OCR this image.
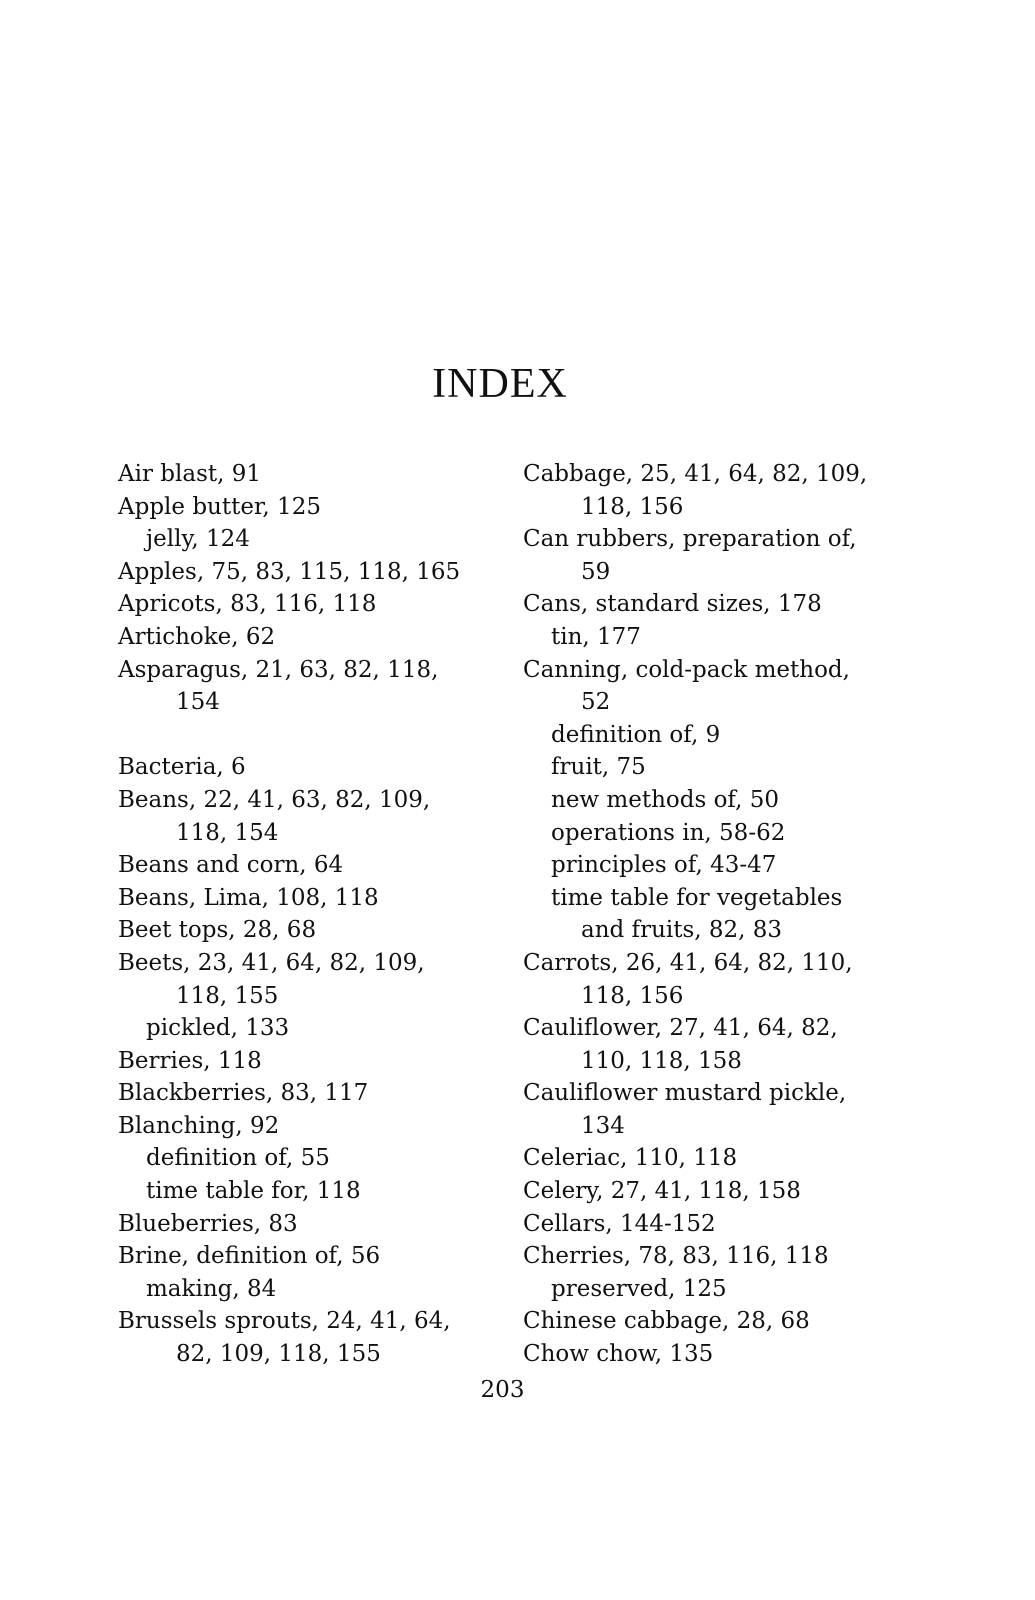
INDEX
Air blast, 91
Apple butter, 125
jelly, 124
Apples, 75, 83, 115, 118, 165
Apricots, 83, 116, 118
Artichoke, 62
Asparagus, 21, 63, 82, 118,
154
Bacteria, 6
Beans, 22, 41, 63, 82, 109,
118, 154
Beans and corn, 64
Beans, Lima, 108, 118
Beet tops, 28, 68
Beets, 23, 41, 64, 82, 109,
118, 155
pickled, 133
Berries, 118
Blackberries, 83, 117
Blanching, 92
definition of, 55
time table for, 118
Blueberries, 83
Brine, definition of, 56
making, 84
Brussels sprouts, 24, 41, 64,
82, 109, 118, 155
Cabbage, 25, 41, 64, 82, 109,
118, 156
Can rubbers, preparation of,
59
Cans, standard sizes, 178
tin, 177
Canning, cold-pack method,
52
definition of, 9
fruit, 75
new methods of, 50
operations in, 58-62
principles of, 43-47
time table for vegetables
and fruits, 82, 83
Carrots, 26, 41, 64, 82, 110,
118, 156
Cauliflower, 27, 41, 64, 82,
110, 118, 158
Cauliflower mustard pickle,
134
Celeriac, 110, 118
Celery, 27, 41, 118, 158
Cellars, 144-152
Cherries, 78, 83, 116, 118
preserved, 125
Chinese cabbage, 28, 68
Chow chow, 135
203
